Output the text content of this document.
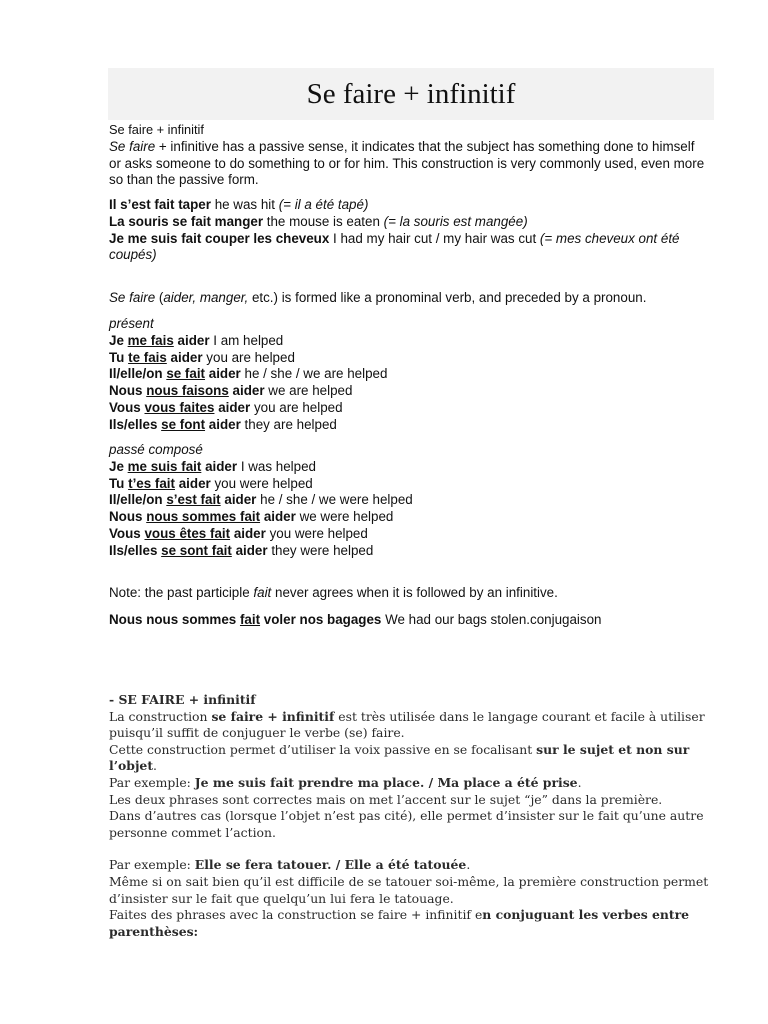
Se faire + infinitif
Se faire + infinitif
Se faire + infinitive has a passive sense, it indicates that the subject has something done to himself or asks someone to do something to or for him. This construction is very commonly used, even more so than the passive form.
Il s’est fait taper he was hit (= il a été tapé)
La souris se fait manger the mouse is eaten (= la souris est mangée)
Je me suis fait couper les cheveux I had my hair cut / my hair was cut (= mes cheveux ont été coupés)
Se faire (aider, manger, etc.) is formed like a pronominal verb, and preceded by a pronoun.
présent
Je me fais aider I am helped
Tu te fais aider you are helped
Il/elle/on se fait aider he / she / we are helped
Nous nous faisons aider we are helped
Vous vous faites aider you are helped
Ils/elles se font aider they are helped
passé composé
Je me suis fait aider I was helped
Tu t’es fait aider you were helped
Il/elle/on s’est fait aider he / she / we were helped
Nous nous sommes fait aider we were helped
Vous vous êtes fait aider you were helped
Ils/elles se sont fait aider they were helped
Note: the past participle fait never agrees when it is followed by an infinitive.
Nous nous sommes fait voler nos bagages We had our bags stolen.conjugaison
- SE FAIRE + infinitif
La construction se faire + infinitif est très utilisée dans le langage courant et facile à utiliser puisqu’il suffit de conjuguer le verbe (se) faire.
Cette construction permet d’utiliser la voix passive en se focalisant sur le sujet et non sur l’objet.
Par exemple: Je me suis fait prendre ma place. / Ma place a été prise.
Les deux phrases sont correctes mais on met l’accent sur le sujet “je” dans la première.
Dans d’autres cas (lorsque l’objet n’est pas cité), elle permet d’insister sur le fait qu’une autre personne commet l’action.
Par exemple: Elle se fera tatouer. / Elle a été tatouée.
Même si on sait bien qu’il est difficile de se tatouer soi-même, la première construction permet d’insister sur le fait que quelqu’un lui fera le tatouage.
Faites des phrases avec la construction se faire + infinitif en conjuguant les verbes entre parenthèses:
